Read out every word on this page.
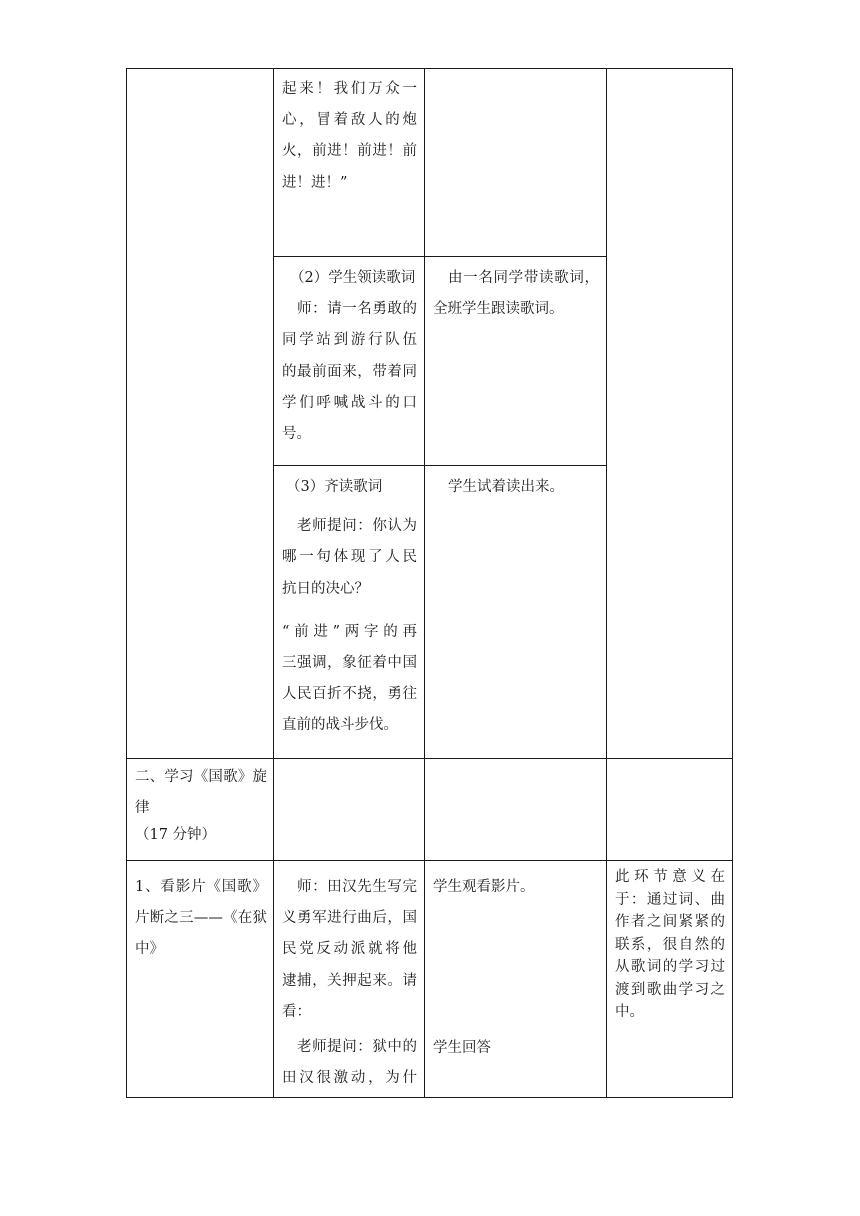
起来！我们万众一

心，冒着敌人的炮

火，前进！前进！前

进！进！”

（2）学生领读歌词

师：请一名勇敢的

同学站到游行队伍

的最前面来，带着同

学们呼喊战斗的口

号。

由一名同学带读歌词，

全班学生跟读歌词。

（3）齐读歌词

老师提问：你认为

哪一句体现了人民

抗日的决心？

“前进”两字的再

三强调，象征着中国

人民百折不挠，勇往

直前的战斗步伐。

学生试着读出来。

二、学习《国歌》旋

律

（17 分钟）

1、看影片《国歌》

片断之三——《在狱

中》

师：田汉先生写完

义勇军进行曲后，国

民党反动派就将他

逮捕，关押起来。请

看：

老师提问：狱中的

田汉很激动，为什

学生观看影片。

学生回答

此环节意义在

于：通过词、曲

作者之间紧紧的

联系，很自然的

从歌词的学习过

渡到歌曲学习之

中。
